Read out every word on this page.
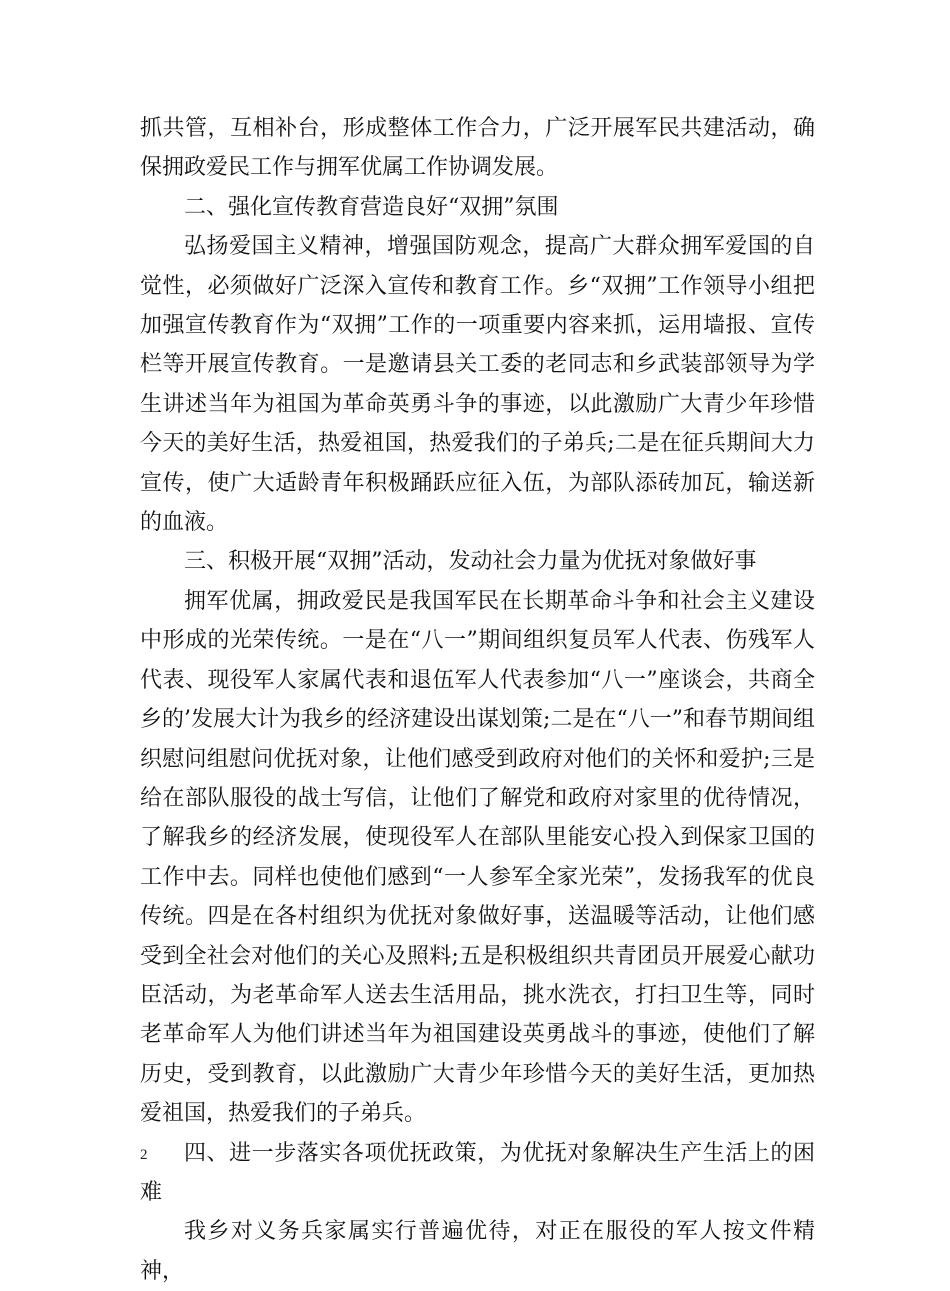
抓共管，互相补台，形成整体工作合力，广泛开展军民共建活动，确保拥政爱民工作与拥军优属工作协调发展。

二、强化宣传教育营造良好“双拥”氛围

弘扬爱国主义精神，增强国防观念，提高广大群众拥军爱国的自觉性，必须做好广泛深入宣传和教育工作。乡“双拥”工作领导小组把加强宣传教育作为“双拥”工作的一项重要内容来抓，运用墙报、宣传栏等开展宣传教育。一是邀请县关工委的老同志和乡武装部领导为学生讲述当年为祖国为革命英勇斗争的事迹，以此激励广大青少年珍惜今天的美好生活，热爱祖国，热爱我们的子弟兵;二是在征兵期间大力宣传，使广大适龄青年积极踊跃应征入伍，为部队添砖加瓦，输送新的血液。

三、积极开展“双拥”活动，发动社会力量为优抚对象做好事

拥军优属，拥政爱民是我国军民在长期革命斗争和社会主义建设中形成的光荣传统。一是在“八一”期间组织复员军人代表、伤残军人代表、现役军人家属代表和退伍军人代表参加“八一”座谈会，共商全乡的’发展大计为我乡的经济建设出谋划策;二是在“八一”和春节期间组织慰问组慰问优抚对象，让他们感受到政府对他们的关怀和爱护;三是给在部队服役的战士写信，让他们了解党和政府对家里的优待情况，了解我乡的经济发展，使现役军人在部队里能安心投入到保家卫国的工作中去。同样也使他们感到“一人参军全家光荣”，发扬我军的优良传统。四是在各村组织为优抚对象做好事，送温暖等活动，让他们感受到全社会对他们的关心及照料;五是积极组织共青团员开展爱心献功臣活动，为老革命军人送去生活用品，挑水洗衣，打扫卫生等，同时老革命军人为他们讲述当年为祖国建设英勇战斗的事迹，使他们了解历史，受到教育，以此激励广大青少年珍惜今天的美好生活，更加热爱祖国，热爱我们的子弟兵。

四、进一步落实各项优抚政策，为优抚对象解决生产生活上的困难

我乡对义务兵家属实行普遍优待，对正在服役的军人按文件精神，

2
